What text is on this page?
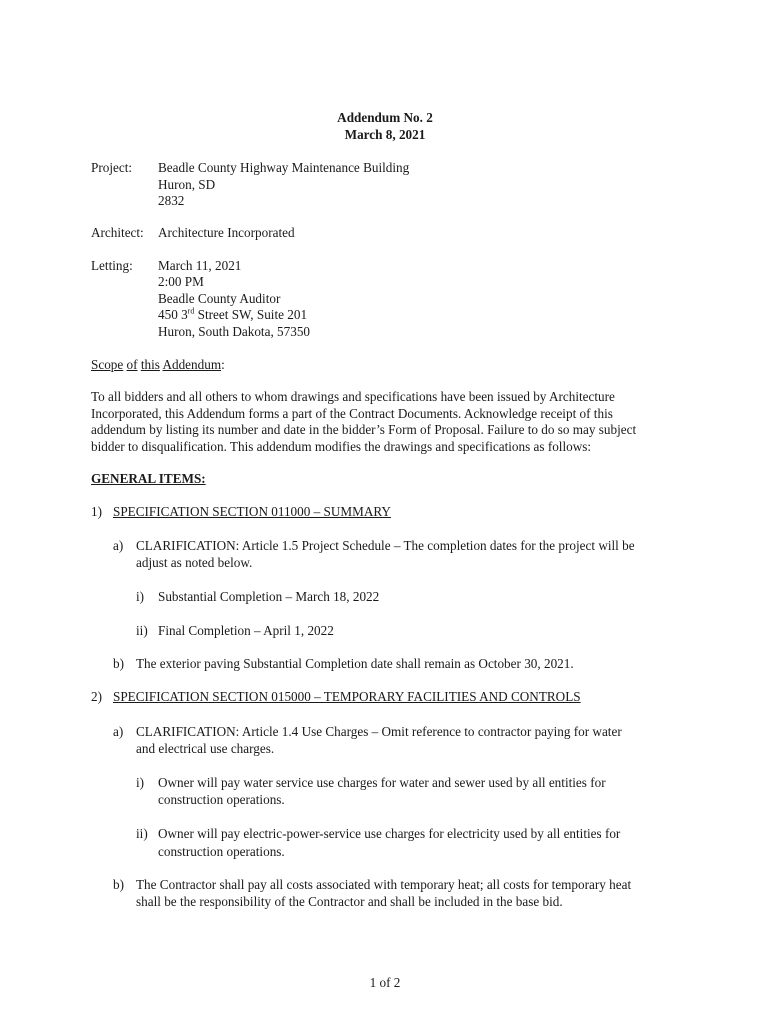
Addendum No. 2
March 8, 2021
Project: Beadle County Highway Maintenance Building
Huron, SD
2832
Architect: Architecture Incorporated
Letting: March 11, 2021
2:00 PM
Beadle County Auditor
450 3rd Street SW, Suite 201
Huron, South Dakota, 57350
Scope of this Addendum:
To all bidders and all others to whom drawings and specifications have been issued by Architecture
Incorporated, this Addendum forms a part of the Contract Documents. Acknowledge receipt of this
addendum by listing its number and date in the bidder’s Form of Proposal. Failure to do so may subject
bidder to disqualification. This addendum modifies the drawings and specifications as follows:
GENERAL ITEMS:
1) SPECIFICATION SECTION 011000 – SUMMARY
a) CLARIFICATION: Article 1.5 Project Schedule – The completion dates for the project will be
adjust as noted below.
i) Substantial Completion – March 18, 2022
ii) Final Completion – April 1, 2022
b) The exterior paving Substantial Completion date shall remain as October 30, 2021.
2) SPECIFICATION SECTION 015000 – TEMPORARY FACILITIES AND CONTROLS
a) CLARIFICATION: Article 1.4 Use Charges – Omit reference to contractor paying for water
and electrical use charges.
i) Owner will pay water service use charges for water and sewer used by all entities for
construction operations.
ii) Owner will pay electric-power-service use charges for electricity used by all entities for
construction operations.
b) The Contractor shall pay all costs associated with temporary heat; all costs for temporary heat
shall be the responsibility of the Contractor and shall be included in the base bid.
1 of 2
